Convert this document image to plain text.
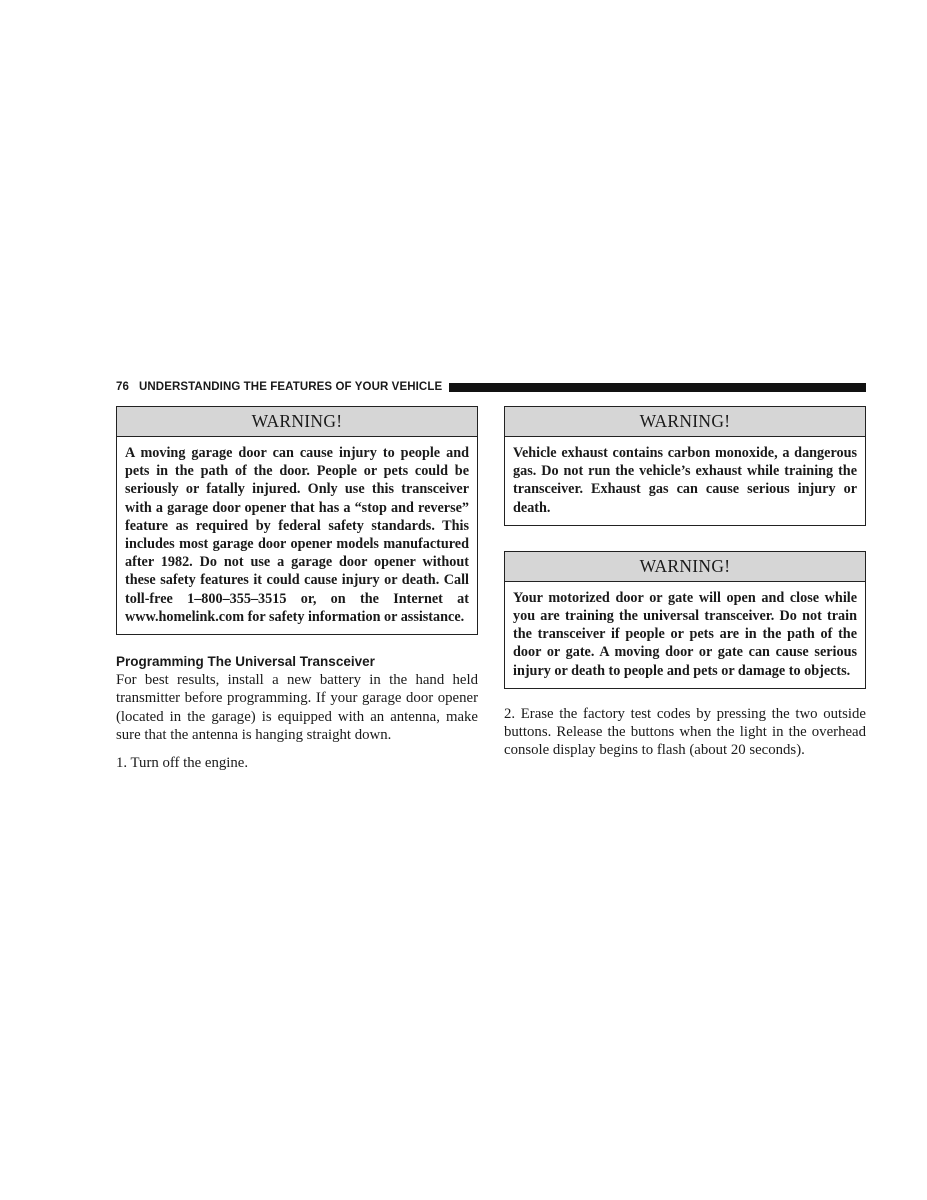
76 UNDERSTANDING THE FEATURES OF YOUR VEHICLE
WARNING!
A moving garage door can cause injury to people and pets in the path of the door. People or pets could be seriously or fatally injured. Only use this transceiver with a garage door opener that has a “stop and reverse” feature as required by federal safety standards. This includes most garage door opener models manufactured after 1982. Do not use a garage door opener without these safety features it could cause injury or death. Call toll-free 1–800–355–3515 or, on the Internet at www.homelink.com for safety information or assistance.
Programming The Universal Transceiver

For best results, install a new battery in the hand held transmitter before programming. If your garage door opener (located in the garage) is equipped with an antenna, make sure that the antenna is hanging straight down.

1. Turn off the engine.

WARNING!
Vehicle exhaust contains carbon monoxide, a dangerous gas. Do not run the vehicle’s exhaust while training the transceiver. Exhaust gas can cause serious injury or death.
WARNING!
Your motorized door or gate will open and close while you are training the universal transceiver. Do not train the transceiver if people or pets are in the path of the door or gate. A moving door or gate can cause serious injury or death to people and pets or damage to objects.

2. Erase the factory test codes by pressing the two outside buttons. Release the buttons when the light in the overhead console display begins to flash (about 20 seconds).
